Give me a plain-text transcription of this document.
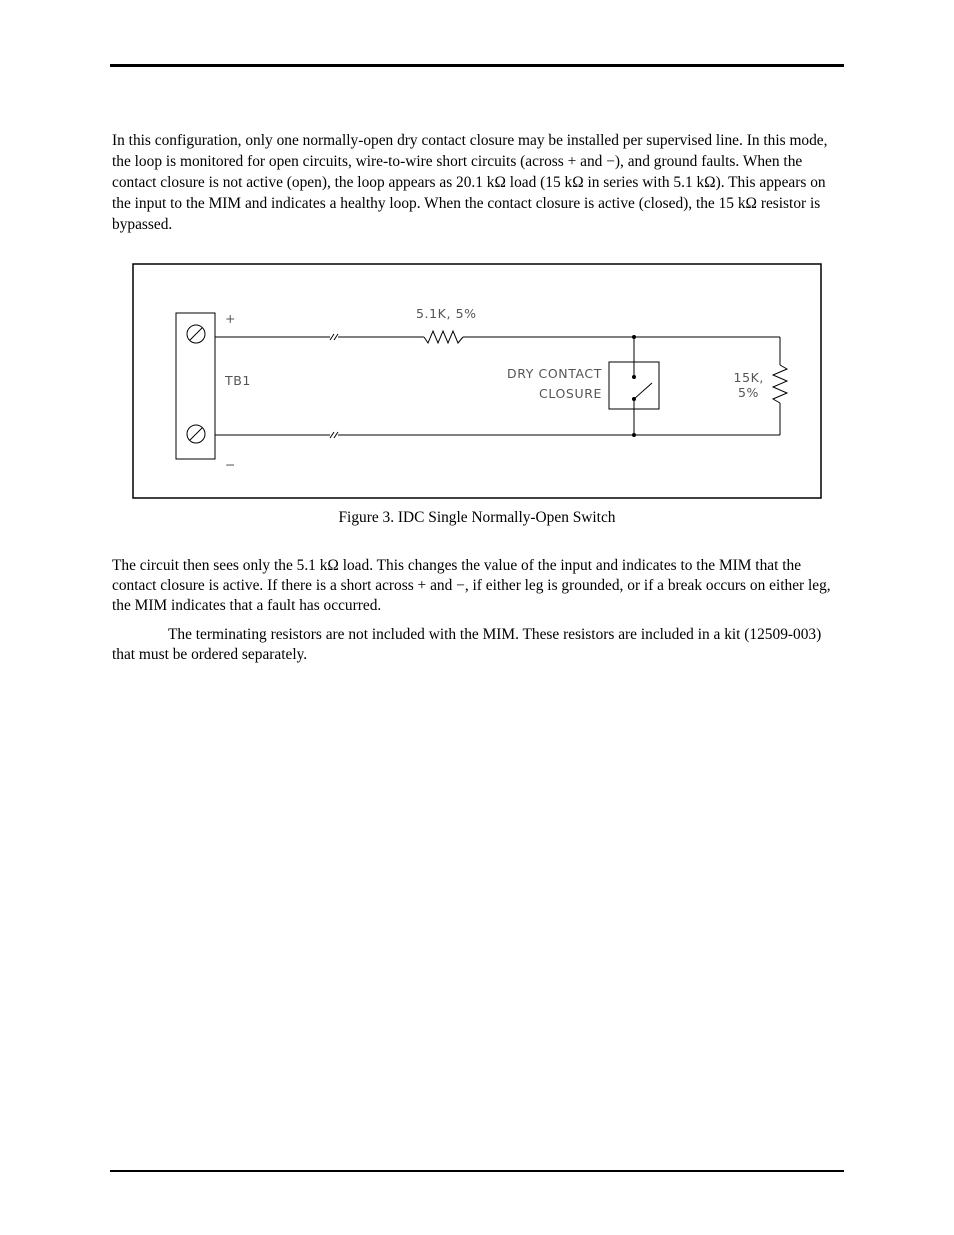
In this configuration, only one normally-open dry contact closure may be installed per supervised line. In this mode, the loop is monitored for open circuits, wire-to-wire short circuits (across + and −), and ground faults. When the contact closure is not active (open), the loop appears as 20.1 kΩ load (15 kΩ in series with 5.1 kΩ). This appears on the input to the MIM and indicates a healthy loop. When the contact closure is active (closed), the 15 kΩ resistor is bypassed.

+
−
TB1
5.1K, 5%
DRY CONTACT
CLOSURE
15K,
5%
Figure 3. IDC Single Normally-Open Switch

The circuit then sees only the 5.1 kΩ load. This changes the value of the input and indicates to the MIM that the contact closure is active. If there is a short across + and −, if either leg is grounded, or if a break occurs on either leg, the MIM indicates that a fault has occurred.

The terminating resistors are not included with the MIM. These resistors are included in a kit (12509-003) that must be ordered separately.
